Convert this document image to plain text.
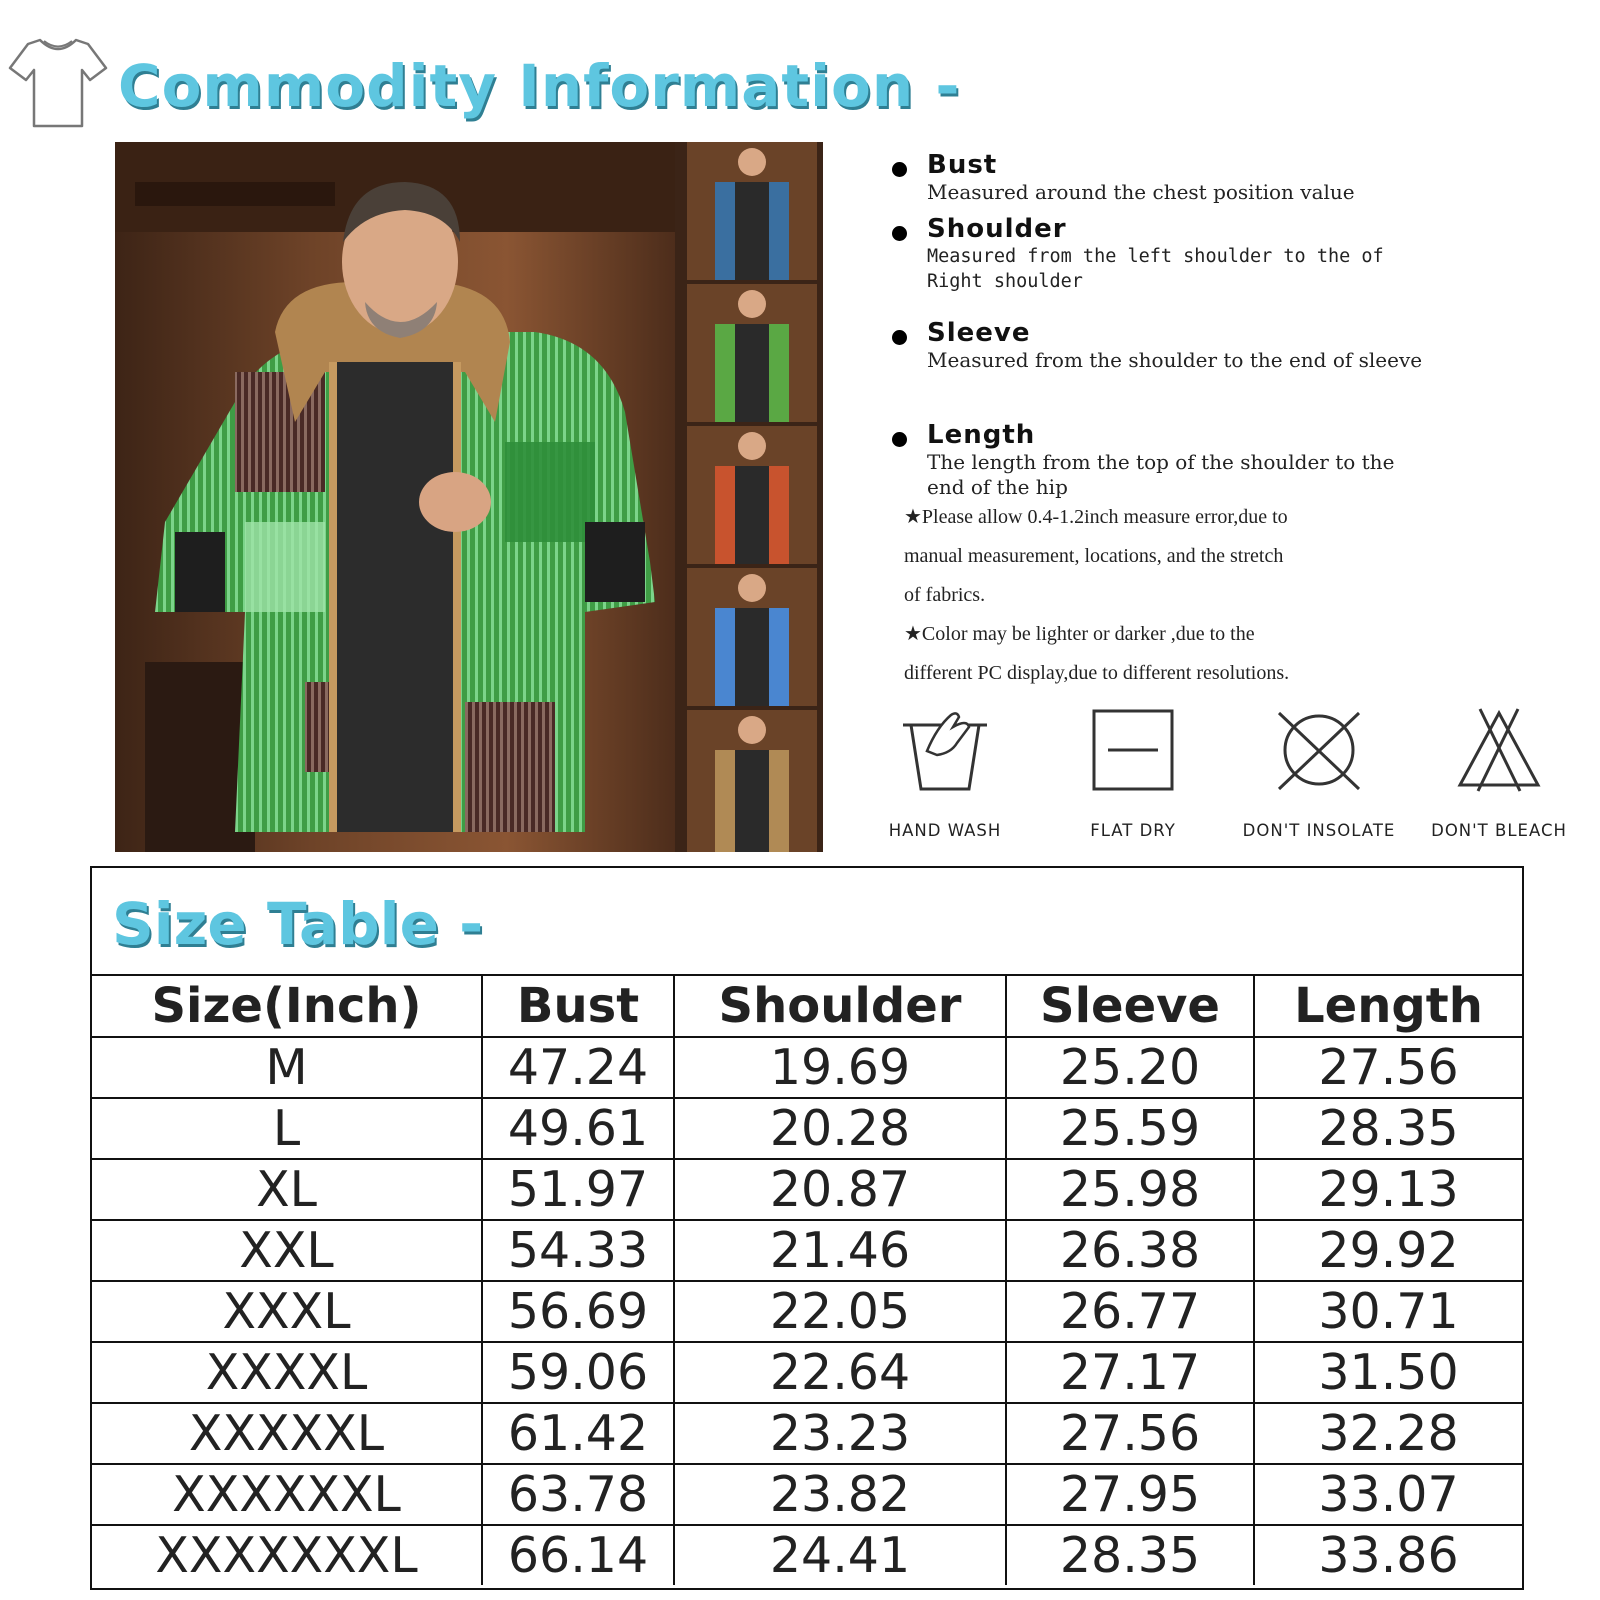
Commodity Information -
Bust
Measured around the chest position value
Shoulder
Measured from the left shoulder to the of Right shoulder
Sleeve
Measured from the shoulder to the end of sleeve
Length
The length from the top of the shoulder to the end of the hip
★Please allow 0.4-1.2inch measure error,due to
manual measurement, locations, and the stretch
of fabrics.
★Color may be lighter or darker ,due to the
different PC display,due to different resolutions.
HAND WASH	FLAT DRY	DON'T INSOLATE	DON'T BLEACH
Size Table -
Size(Inch)	Bust	Shoulder	Sleeve	Length
M	47.24	19.69	25.20	27.56
L	49.61	20.28	25.59	28.35
XL	51.97	20.87	25.98	29.13
XXL	54.33	21.46	26.38	29.92
XXXL	56.69	22.05	26.77	30.71
XXXXL	59.06	22.64	27.17	31.50
XXXXXL	61.42	23.23	27.56	32.28
XXXXXXL	63.78	23.82	27.95	33.07
XXXXXXXL	66.14	24.41	28.35	33.86
